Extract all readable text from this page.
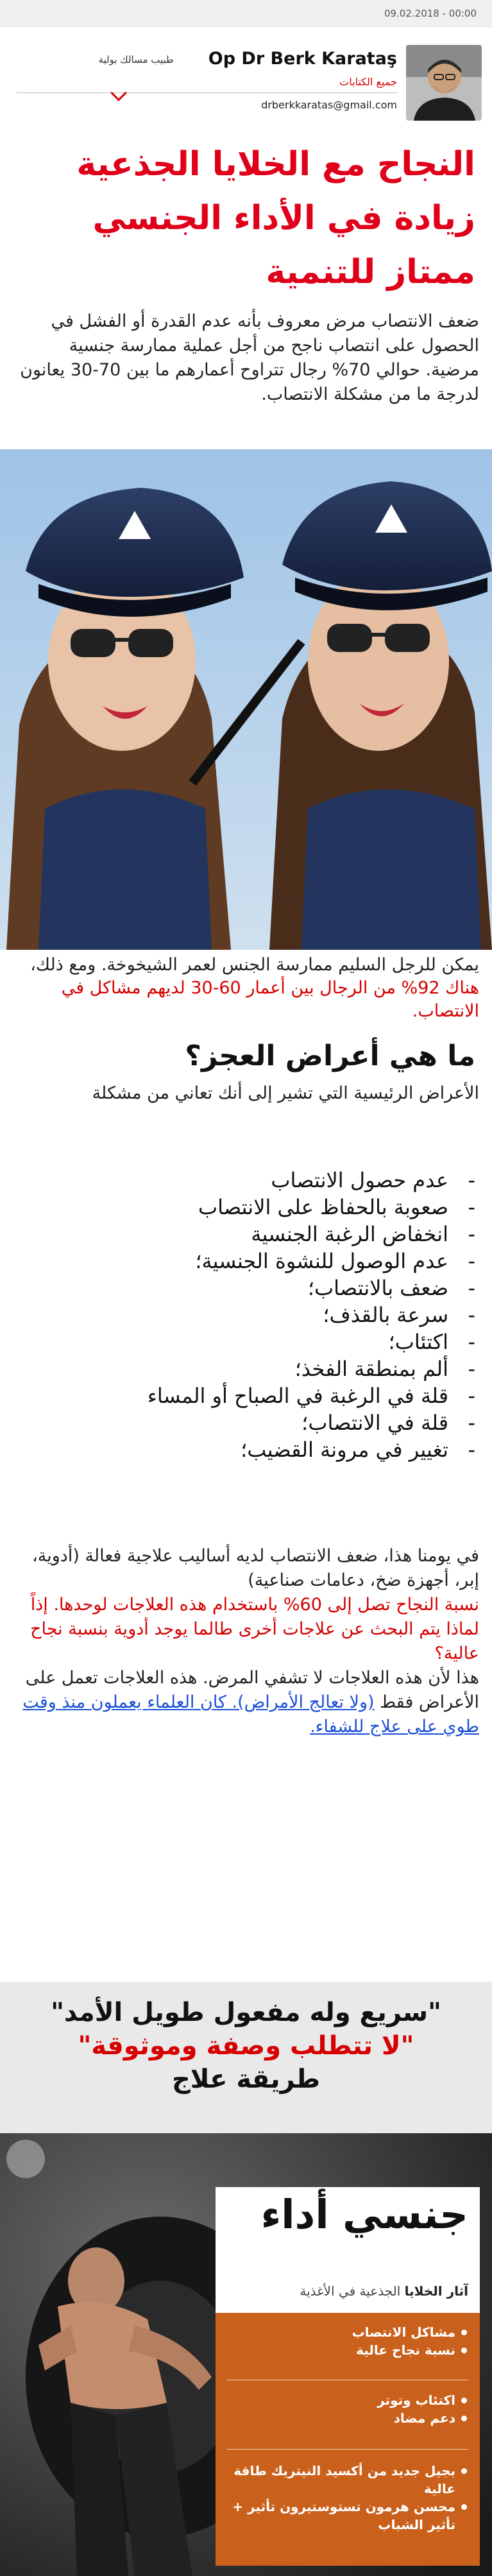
09.02.2018 - 00:00
Op Dr Berk Karataş
طبيب مسالك بولية
جميع الكتابات
drberkkaratas@gmail.com
النجاح مع الخلايا الجذعية زيادة في الأداء الجنسي ممتاز للتنمية

ضعف الانتصاب مرض معروف بأنه عدم القدرة أو الفشل في الحصول على انتصاب ناجح من أجل عملية ممارسة جنسية مرضية. حوالي 70% رجال تتراوح أعمارهم ما بين 70-30 يعانون لدرجة ما من مشكلة الانتصاب.

يمكن للرجل السليم ممارسة الجنس لعمر الشيخوخة. ومع ذلك، هناك 92% من الرجال بين أعمار 60-30 لديهم مشاكل في الانتصاب.

ما هي أعراض العجز؟

الأعراض الرئيسية التي تشير إلى أنك تعاني من مشكلة

- عدم حصول الانتصاب
- صعوبة بالحفاظ على الانتصاب
- انخفاض الرغبة الجنسية
- عدم الوصول للنشوة الجنسية؛
- ضعف بالانتصاب؛
- سرعة بالقذف؛
- اكتئاب؛
- ألم بمنطقة الفخذ؛
- قلة في الرغبة في الصباح أو المساء
- قلة في الانتصاب؛
- تغيير في مرونة القضيب؛
في يومنا هذا، ضعف الانتصاب لديه أساليب علاجية فعالة (أدوية، إبر، أجهزة ضخ، دعامات صناعية)
نسبة النجاح تصل إلى 60% باستخدام هذه العلاجات لوحدها. إذاً لماذا يتم البحث عن علاجات أخرى طالما يوجد أدوية بنسبة نجاح عالية؟
هذا لأن هذه العلاجات لا تشفي المرض. هذه العلاجات تعمل على الأعراض فقط (ولا تعالج الأمراض). كان العلماء يعملون منذ وقت طوي على علاج للشفاء.
"سريع وله مفعول طويل الأمد"
"لا تتطلب وصفة وموثوقة"
طريقة علاج
جنسي أداء
آثار الخلايا الجذعية في الأغذية
مشاكل الانتصاب
نسبة نجاح عالية
اكتئاب وتوتر
دعم مضاد
بجيل جديد من أكسيد النيتريك طاقة عالية
محسن هرمون تستوستيرون تأثير + تأثير الشباب
